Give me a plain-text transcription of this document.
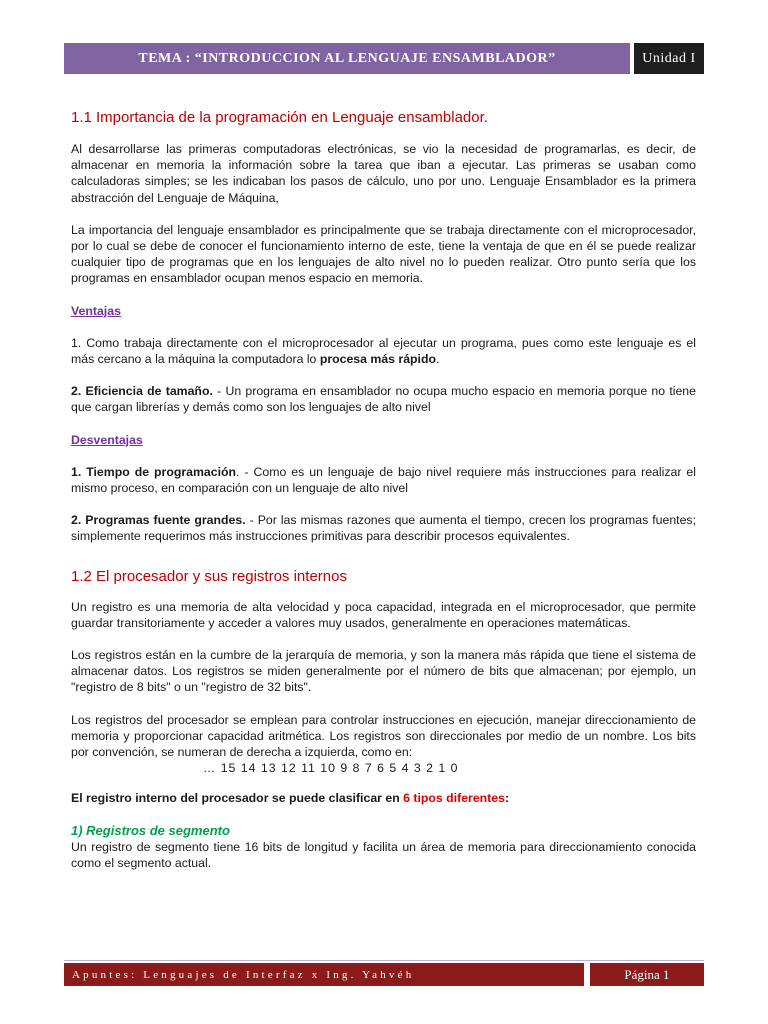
TEMA : “INTRODUCCION AL LENGUAJE ENSAMBLADOR”	Unidad I
1.1 Importancia de la programación en Lenguaje ensamblador.

Al desarrollarse las primeras computadoras electrónicas, se vio la necesidad de programarlas, es decir, de almacenar en memoria la información sobre la tarea que iban a ejecutar. Las primeras se usaban como calculadoras simples; se les indicaban los pasos de cálculo, uno por uno. Lenguaje Ensamblador es la primera abstracción del Lenguaje de Máquina,

La importancia del lenguaje ensamblador es principalmente que se trabaja directamente con el microprocesador, por lo cual se debe de conocer el funcionamiento interno de este, tiene la ventaja de que en él se puede realizar cualquier tipo de programas que en los lenguajes de alto nivel no lo pueden realizar. Otro punto sería que los programas en ensamblador ocupan menos espacio en memoria.

Ventajas

1. Como trabaja directamente con el microprocesador al ejecutar un programa, pues como este lenguaje es el más cercano a la máquina la computadora lo procesa más rápido.

2. Eficiencia de tamaño. - Un programa en ensamblador no ocupa mucho espacio en memoria porque no tiene que cargan librerías y demás como son los lenguajes de alto nivel

Desventajas

1. Tiempo de programación. - Como es un lenguaje de bajo nivel requiere más instrucciones para realizar el mismo proceso, en comparación con un lenguaje de alto nivel

2. Programas fuente grandes. - Por las mismas razones que aumenta el tiempo, crecen los programas fuentes; simplemente requerimos más instrucciones primitivas para describir procesos equivalentes.

1.2 El procesador y sus registros internos

Un registro es una memoria de alta velocidad y poca capacidad, integrada en el microprocesador, que permite guardar transitoriamente y acceder a valores muy usados, generalmente en operaciones matemáticas.

Los registros están en la cumbre de la jerarquía de memoria, y son la manera más rápida que tiene el sistema de almacenar datos. Los registros se miden generalmente por el número de bits que almacenan; por ejemplo, un "registro de 8 bits" o un "registro de 32 bits".

Los registros del procesador se emplean para controlar instrucciones en ejecución, manejar direccionamiento de memoria y proporcionar capacidad aritmética. Los registros son direccionales por medio de un nombre. Los bits por convención, se numeran de derecha a izquierda, como en:

… 15 14 13 12 11 10 9 8 7 6 5 4 3 2 1 0

El registro interno del procesador se puede clasificar en 6 tipos diferentes:

1) Registros de segmento

Un registro de segmento tiene 16 bits de longitud y facilita un área de memoria para direccionamiento conocida como el segmento actual.

Apuntes: Lenguajes de Interfaz x Ing. Yahvéh	Página 1
